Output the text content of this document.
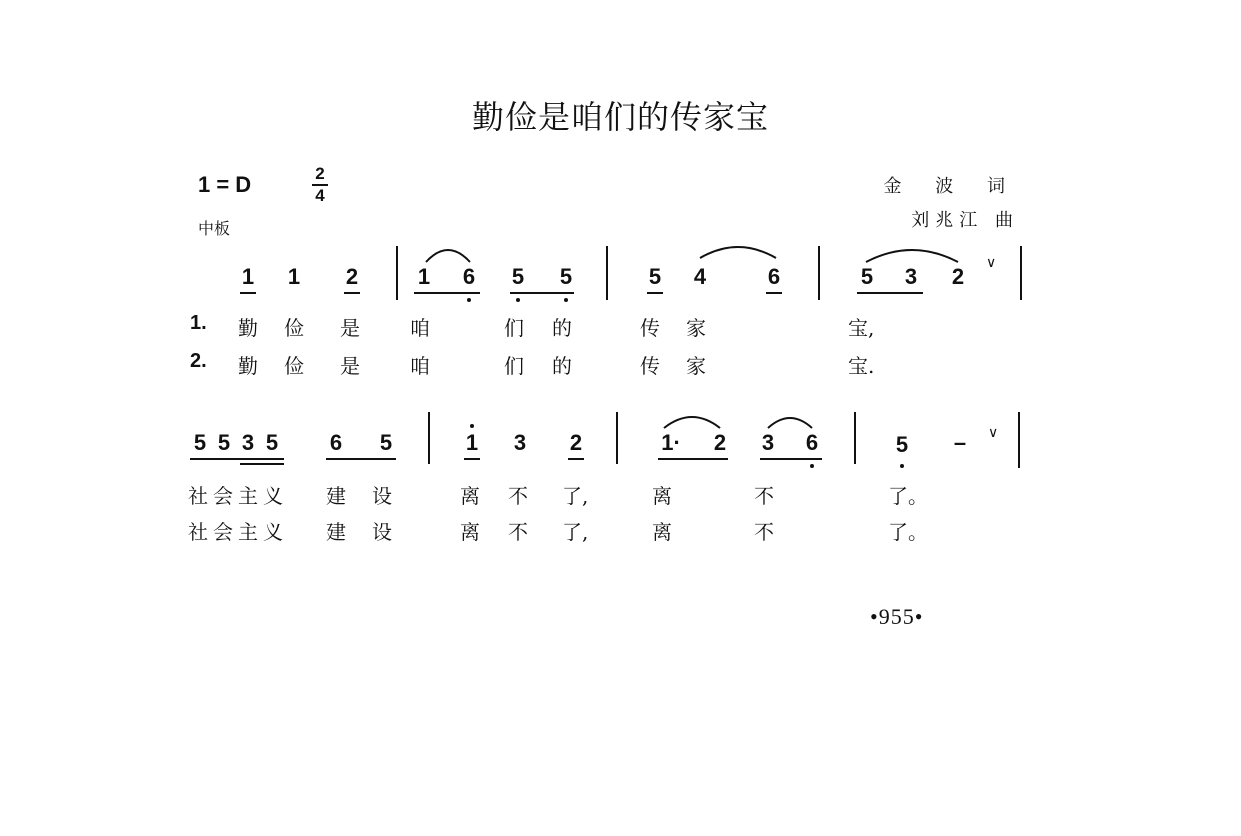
勤俭是咱们的传家宝
1 = D	2
4
中板
金 波 词
刘兆江 曲
1 1 2	1 6 5 5	5 4	6	5 3 2
∨
1. 勤 俭 是	咱	们 的	传 家	宝,
2. 勤 俭 是	咱	们 的	传 家	宝.
5 5 3 5 6 5	1 3 2	1· 2 3 6	5 – ∨
社会主义 建 设	离 不 了,	离	不	了。
社会主义 建 设	离 不 了,	离	不	了。
•955•
